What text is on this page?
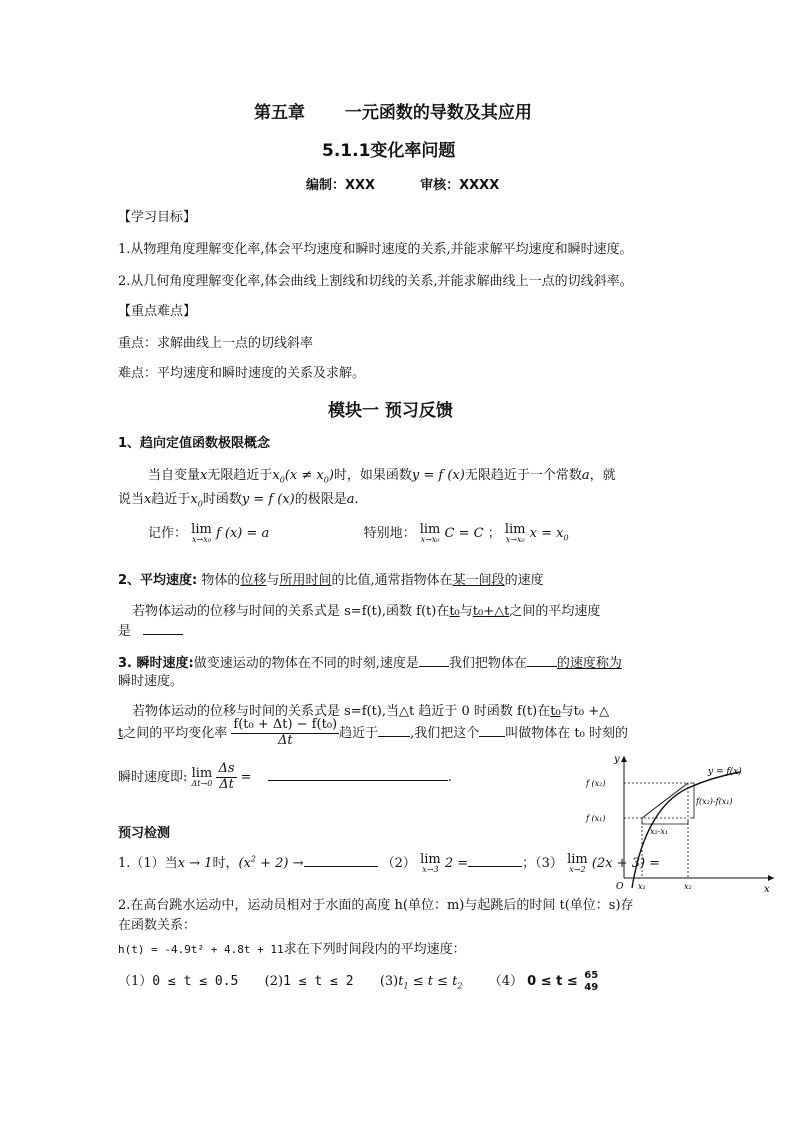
第五章 一元函数的导数及其应用
5.1.1变化率问题
编制：XXX	审核：XXXX
【学习目标】
1.从物理角度理解变化率,体会平均速度和瞬时速度的关系,并能求解平均速度和瞬时速度。
2.从几何角度理解变化率,体会曲线上割线和切线的关系,并能求解曲线上一点的切线斜率。
【重点难点】
重点：求解曲线上一点的切线斜率
难点：平均速度和瞬时速度的关系及求解。
模块一 预习反馈
1、趋向定值函数极限概念
当自变量x无限趋近于$x_0(x \ne x_0)$时，如果函数y = f (x)无限趋近于一个常数a，就
说当x趋近于$x_0$时函数y = f (x)的极限是a.
记作： lim
x→x₀ f (x) = a	特别地： lim
x→x₀ C = C ； lim
x→x₀ $x = x_0$
2、平均速度: 物体的位移与所用时间的比值,通常指物体在某一间段的速度
若物体运动的位移与时间的关系式是 s=f(t),函数 f(t)在t₀与t₀+△t之间的平均速度
是
3. 瞬时速度:做变速运动的物体在不同的时刻,速度是 我们把物体在 的速度称为
瞬时速度。
若物体运动的位移与时间的关系式是 s=f(t),当△t 趋近于 0 时函数 f(t)在t₀与t₀ +△
t之间的平均变化率 $\frac{\text{f(t₀ + Δt) − f(t₀)}}{\Delta t}$ 趋近于 ,我们把这个 叫做物体在 t₀ 时刻的
瞬时速度即: lim
Δt→0
$\frac{\Delta s}{\Delta t}$ =	.
预习检测
1.（1）当x → 1时，$(x^2 + 2)$ →	（2） lim
x→3 2 =	；（3） lim
x→2 (2x + 3) =
2.在高台跳水运动中，运动员相对于水面的高度 h(单位：m)与起跳后的时间 t(单位：s)存
在函数关系：
h(t) = -4.9t² + 4.8t + 11求在下列时间段内的平均速度：
（1）0 ≤ t ≤ 0.5 (2)1 ≤ t ≤ 2 $(3)t_1 \le t \le t_2$ （4） 0 ≤ t ≤ 65
49
y
x
O
y = f(x)
f (x₂)
f (x₁)
f(x₂)-f(x₁)
x₂-x₁
x₁	x₂
